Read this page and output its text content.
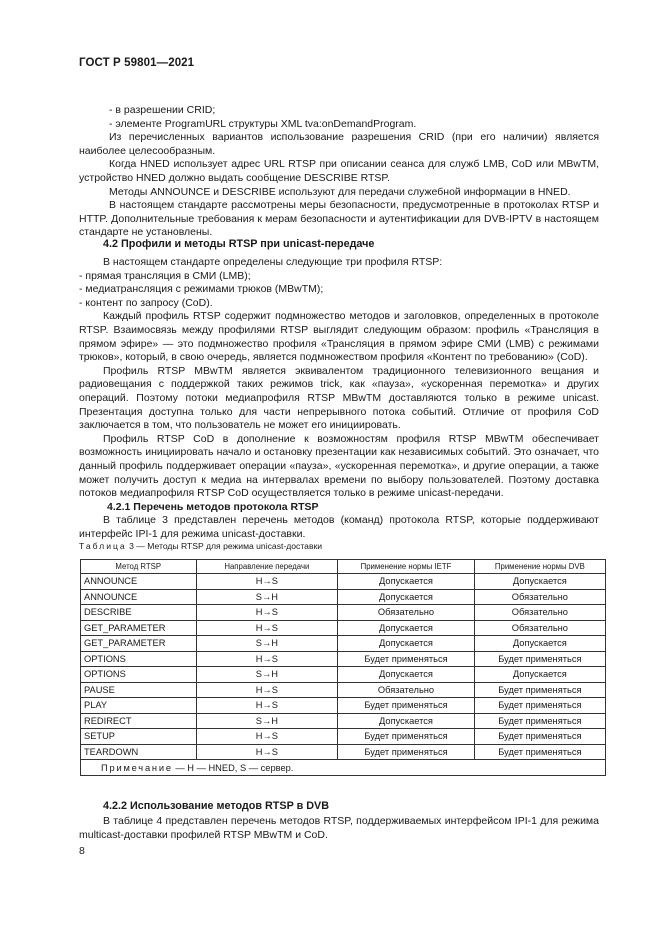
ГОСТ Р 59801—2021

- в разрешении CRID;

- элементе ProgramURL структуры XML tva:onDemandProgram.

Из перечисленных вариантов использование разрешения CRID (при его наличии) является наиболее целесообразным.

Когда HNED использует адрес URL RTSP при описании сеанса для служб LMB, CoD или MBwTM, устройство HNED должно выдать сообщение DESCRIBE RTSP.

Методы ANNOUNCE и DESCRIBE используют для передачи служебной информации в HNED.

В настоящем стандарте рассмотрены меры безопасности, предусмотренные в протоколах RTSP и HTTP. Дополнительные требования к мерам безопасности и аутентификации для DVB-IPTV в настоящем стандарте не установлены.

4.2 Профили и методы RTSP при unicast-передаче

В настоящем стандарте определены следующие три профиля RTSP:

- прямая трансляция в СМИ (LMB);

- медиатрансляция с режимами трюков (MBwTM);

- контент по запросу (CoD).

Каждый профиль RTSP содержит подмножество методов и заголовков, определенных в протоколе RTSP. Взаимосвязь между профилями RTSP выглядит следующим образом: профиль «Трансляция в прямом эфире» — это подмножество профиля «Трансляция в прямом эфире СМИ (LMB) с режимами трюков», который, в свою очередь, является подмножеством профиля «Контент по требованию» (CoD).

Профиль RTSP MBwTM является эквивалентом традиционного телевизионного вещания и радиовещания с поддержкой таких режимов trick, как «пауза», «ускоренная перемотка» и других операций. Поэтому потоки медиапрофиля RTSP MBwTM доставляются только в режиме unicast. Презентация доступна только для части непрерывного потока событий. Отличие от профиля CoD заключается в том, что пользователь не может его инициировать.

Профиль RTSP CoD в дополнение к возможностям профиля RTSP MBwTM обеспечивает возможность инициировать начало и остановку презентации как независимых событий. Это означает, что данный профиль поддерживает операции «пауза», «ускоренная перемотка», и другие операции, а также может получить доступ к медиа на интервалах времени по выбору пользователей. Поэтому доставка потоков медиапрофиля RTSP CoD осуществляется только в режиме unicast-передачи.

4.2.1 Перечень методов протокола RTSP

В таблице 3 представлен перечень методов (команд) протокола RTSP, которые поддерживают интерфейс IPI-1 для режима unicast-доставки.

Таблица 3 — Методы RTSP для режима unicast-доставки
Метод RTSP	Направление передачи	Применение нормы IETF	Применение нормы DVB
ANNOUNCE	H→S	Допускается	Допускается
ANNOUNCE	S→H	Допускается	Обязательно
DESCRIBE	H→S	Обязательно	Обязательно
GET_PARAMETER	H→S	Допускается	Обязательно
GET_PARAMETER	S→H	Допускается	Допускается
OPTIONS	H→S	Будет применяться	Будет применяться
OPTIONS	S→H	Допускается	Допускается
PAUSE	H→S	Обязательно	Будет применяться
PLAY	H→S	Будет применяться	Будет применяться
REDIRECT	S→H	Допускается	Будет применяться
SETUP	H→S	Будет применяться	Будет применяться
TEARDOWN	H→S	Будет применяться	Будет применяться
Примечание — H — HNED, S — сервер.			
4.2.2 Использование методов RTSP в DVB

В таблице 4 представлен перечень методов RTSP, поддерживаемых интерфейсом IPI-1 для режима multicast-доставки профилей RTSP MBwTM и CoD.

8
